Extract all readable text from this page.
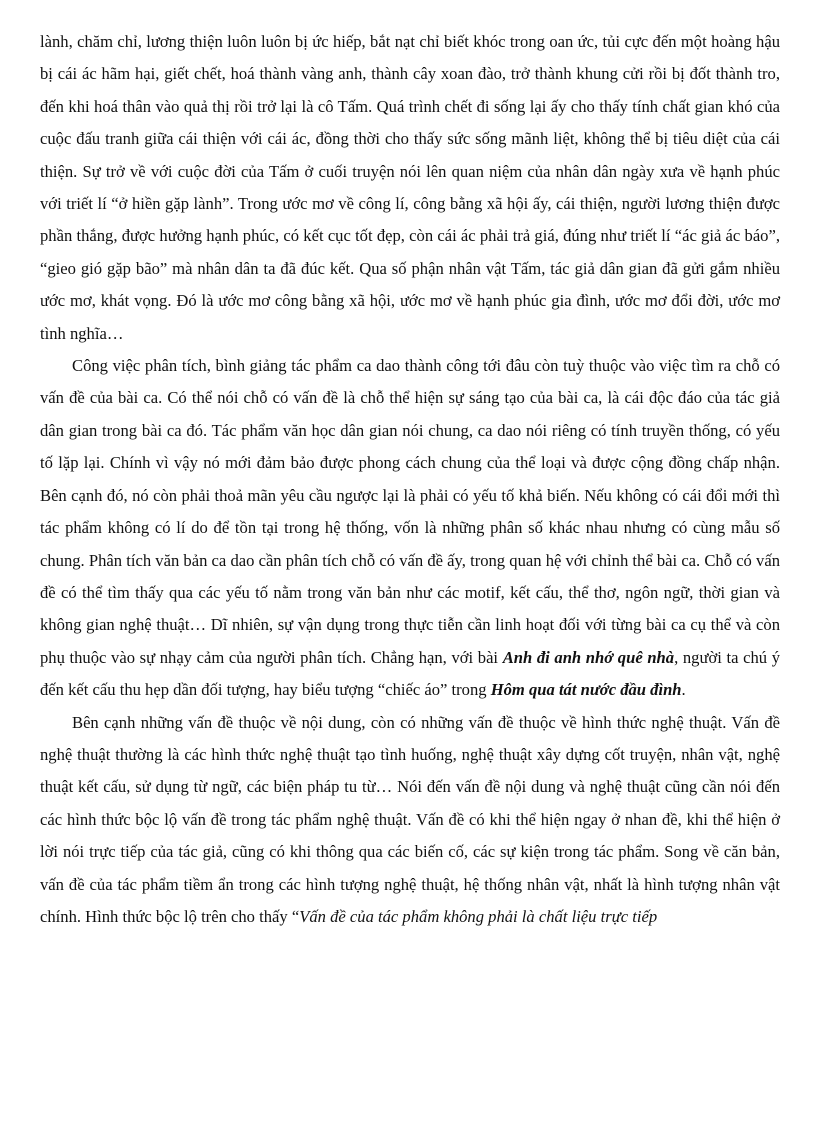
lành, chăm chỉ, lương thiện luôn luôn bị ức hiếp, bắt nạt chỉ biết khóc trong oan ức, tủi cực đến một hoàng hậu bị cái ác hãm hại, giết chết, hoá thành vàng anh, thành cây xoan đào, trở thành khung cửi rồi bị đốt thành tro, đến khi hoá thân vào quả thị rồi trở lại là cô Tấm. Quá trình chết đi sống lại ấy cho thấy tính chất gian khó của cuộc đấu tranh giữa cái thiện với cái ác, đồng thời cho thấy sức sống mãnh liệt, không thể bị tiêu diệt của cái thiện. Sự trở về với cuộc đời của Tấm ở cuối truyện nói lên quan niệm của nhân dân ngày xưa về hạnh phúc với triết lí “ở hiền gặp lành”. Trong ước mơ về công lí, công bằng xã hội ấy, cái thiện, người lương thiện được phần thắng, được hưởng hạnh phúc, có kết cục tốt đẹp, còn cái ác phải trả giá, đúng như triết lí “ác giả ác báo”, “gieo gió gặp bão” mà nhân dân ta đã đúc kết. Qua số phận nhân vật Tấm, tác giả dân gian đã gửi gắm nhiều ước mơ, khát vọng. Đó là ước mơ công bằng xã hội, ước mơ về hạnh phúc gia đình, ước mơ đổi đời, ước mơ tình nghĩa…

Công việc phân tích, bình giảng tác phẩm ca dao thành công tới đâu còn tuỳ thuộc vào việc tìm ra chỗ có vấn đề của bài ca. Có thể nói chỗ có vấn đề là chỗ thể hiện sự sáng tạo của bài ca, là cái độc đáo của tác giả dân gian trong bài ca đó. Tác phẩm văn học dân gian nói chung, ca dao nói riêng có tính truyền thống, có yếu tố lặp lại. Chính vì vậy nó mới đảm bảo được phong cách chung của thể loại và được cộng đồng chấp nhận. Bên cạnh đó, nó còn phải thoả mãn yêu cầu ngược lại là phải có yếu tố khả biến. Nếu không có cái đổi mới thì tác phẩm không có lí do để tồn tại trong hệ thống, vốn là những phân số khác nhau nhưng có cùng mẫu số chung. Phân tích văn bản ca dao cần phân tích chỗ có vấn đề ấy, trong quan hệ với chỉnh thể bài ca. Chỗ có vấn đề có thể tìm thấy qua các yếu tố nằm trong văn bản như các motif, kết cấu, thể thơ, ngôn ngữ, thời gian và không gian nghệ thuật… Dĩ nhiên, sự vận dụng trong thực tiễn cần linh hoạt đối với từng bài ca cụ thể và còn phụ thuộc vào sự nhạy cảm của người phân tích. Chẳng hạn, với bài Anh đi anh nhớ quê nhà, người ta chú ý đến kết cấu thu hẹp dần đối tượng, hay biểu tượng “chiếc áo” trong Hôm qua tát nước đầu đình.

Bên cạnh những vấn đề thuộc về nội dung, còn có những vấn đề thuộc về hình thức nghệ thuật. Vấn đề nghệ thuật thường là các hình thức nghệ thuật tạo tình huống, nghệ thuật xây dựng cốt truyện, nhân vật, nghệ thuật kết cấu, sử dụng từ ngữ, các biện pháp tu từ… Nói đến vấn đề nội dung và nghệ thuật cũng cần nói đến các hình thức bộc lộ vấn đề trong tác phẩm nghệ thuật. Vấn đề có khi thể hiện ngay ở nhan đề, khi thể hiện ở lời nói trực tiếp của tác giả, cũng có khi thông qua các biến cố, các sự kiện trong tác phẩm. Song về căn bản, vấn đề của tác phẩm tiềm ẩn trong các hình tượng nghệ thuật, hệ thống nhân vật, nhất là hình tượng nhân vật chính. Hình thức bộc lộ trên cho thấy “Vấn đề của tác phẩm không phải là chất liệu trực tiếp
